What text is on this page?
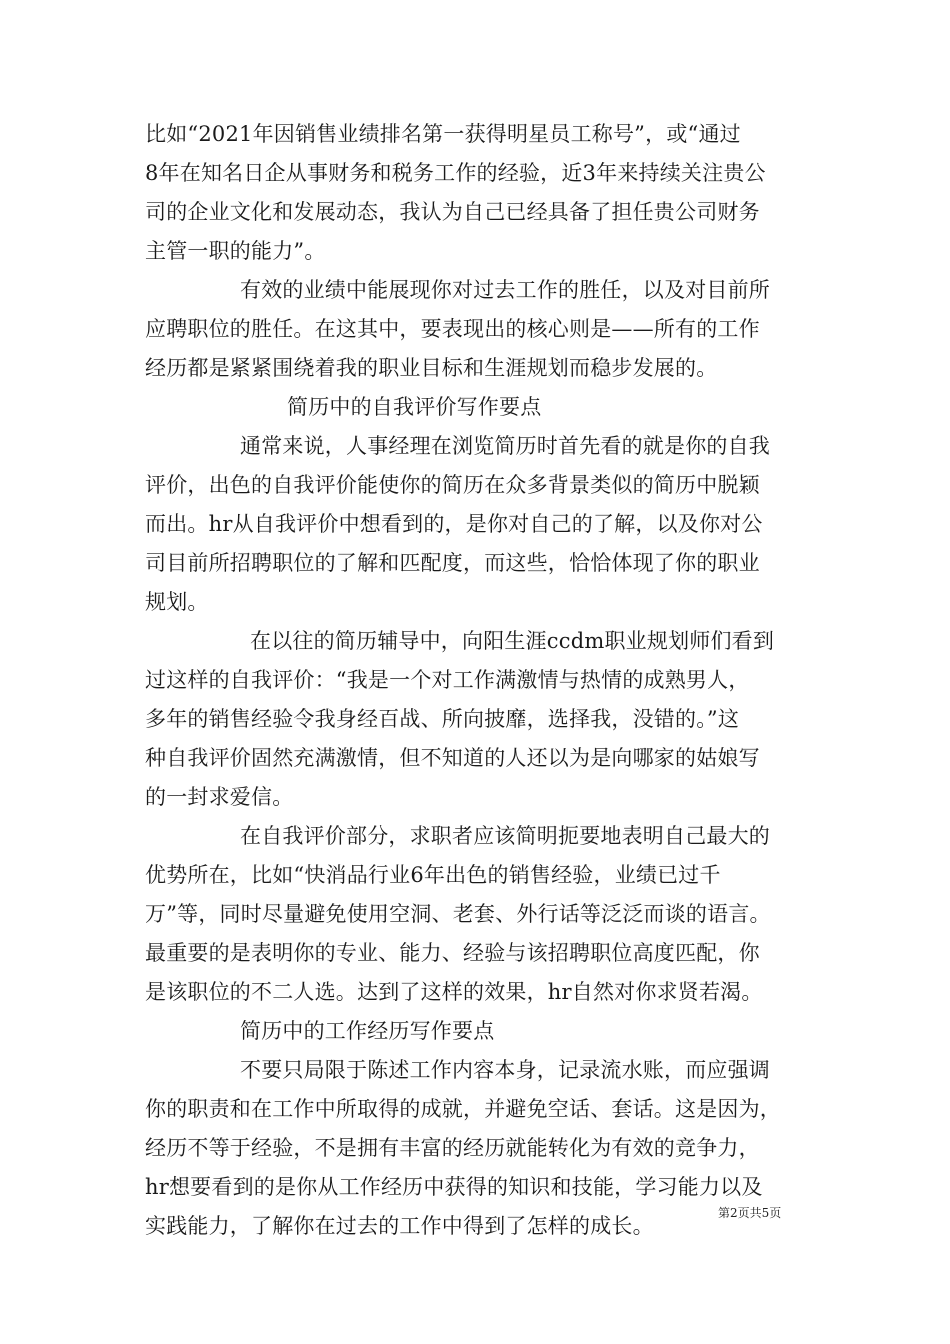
比如“2021年因销售业绩排名第一获得明星员工称号”，或“通过
8年在知名日企从事财务和税务工作的经验，近3年来持续关注贵公
司的企业文化和发展动态，我认为自己已经具备了担任贵公司财务
主管一职的能力”。
有效的业绩中能展现你对过去工作的胜任，以及对目前所
应聘职位的胜任。在这其中，要表现出的核心则是——所有的工作
经历都是紧紧围绕着我的职业目标和生涯规划而稳步发展的。
简历中的自我评价写作要点
通常来说，人事经理在浏览简历时首先看的就是你的自我
评价，出色的自我评价能使你的简历在众多背景类似的简历中脱颖
而出。hr从自我评价中想看到的，是你对自己的了解，以及你对公
司目前所招聘职位的了解和匹配度，而这些，恰恰体现了你的职业
规划。
在以往的简历辅导中，向阳生涯ccdm职业规划师们看到
过这样的自我评价：“我是一个对工作满激情与热情的成熟男人，
多年的销售经验令我身经百战、所向披靡，选择我，没错的。”这
种自我评价固然充满激情，但不知道的人还以为是向哪家的姑娘写
的一封求爱信。
在自我评价部分，求职者应该简明扼要地表明自己最大的
优势所在，比如“快消品行业6年出色的销售经验，业绩已过千
万”等，同时尽量避免使用空洞、老套、外行话等泛泛而谈的语言。
最重要的是表明你的专业、能力、经验与该招聘职位高度匹配，你
是该职位的不二人选。达到了这样的效果，hr自然对你求贤若渴。
简历中的工作经历写作要点
不要只局限于陈述工作内容本身，记录流水账，而应强调
你的职责和在工作中所取得的成就，并避免空话、套话。这是因为，
经历不等于经验，不是拥有丰富的经历就能转化为有效的竞争力，
hr想要看到的是你从工作经历中获得的知识和技能，学习能力以及
实践能力，了解你在过去的工作中得到了怎样的成长。
第2页共5页
